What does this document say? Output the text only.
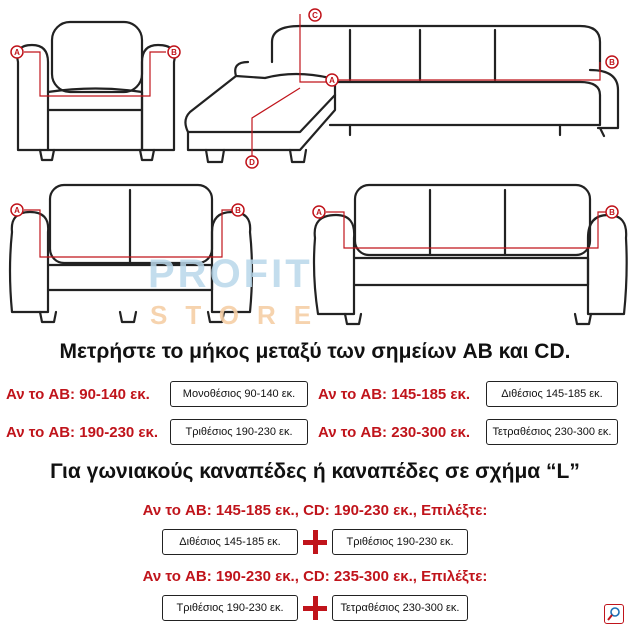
A	B
C
A
B
D
A	B	A	B
PROFIT
STORE
Μετρήστε το μήκος μεταξύ των σημείων AB και CD.
Αν το AB: 90-140 εκ.	Μονοθέσιος 90-140 εκ.	Αν το AB: 145-185 εκ.	Διθέσιος 145-185 εκ.
Αν το AB: 190-230 εκ.	Τριθέσιος 190-230 εκ.	Αν το AB: 230-300 εκ.	Τετραθέσιος 230-300 εκ.
Για γωνιακούς καναπέδες ή καναπέδες σε σχήμα “L”
Αν το AB: 145-185 εκ., CD: 190-230 εκ., Επιλέξτε:
Διθέσιος 145-185 εκ.	Τριθέσιος 190-230 εκ.
Αν το AB: 190-230 εκ., CD: 235-300 εκ., Επιλέξτε:
Τριθέσιος 190-230 εκ.	Τετραθέσιος 230-300 εκ.
